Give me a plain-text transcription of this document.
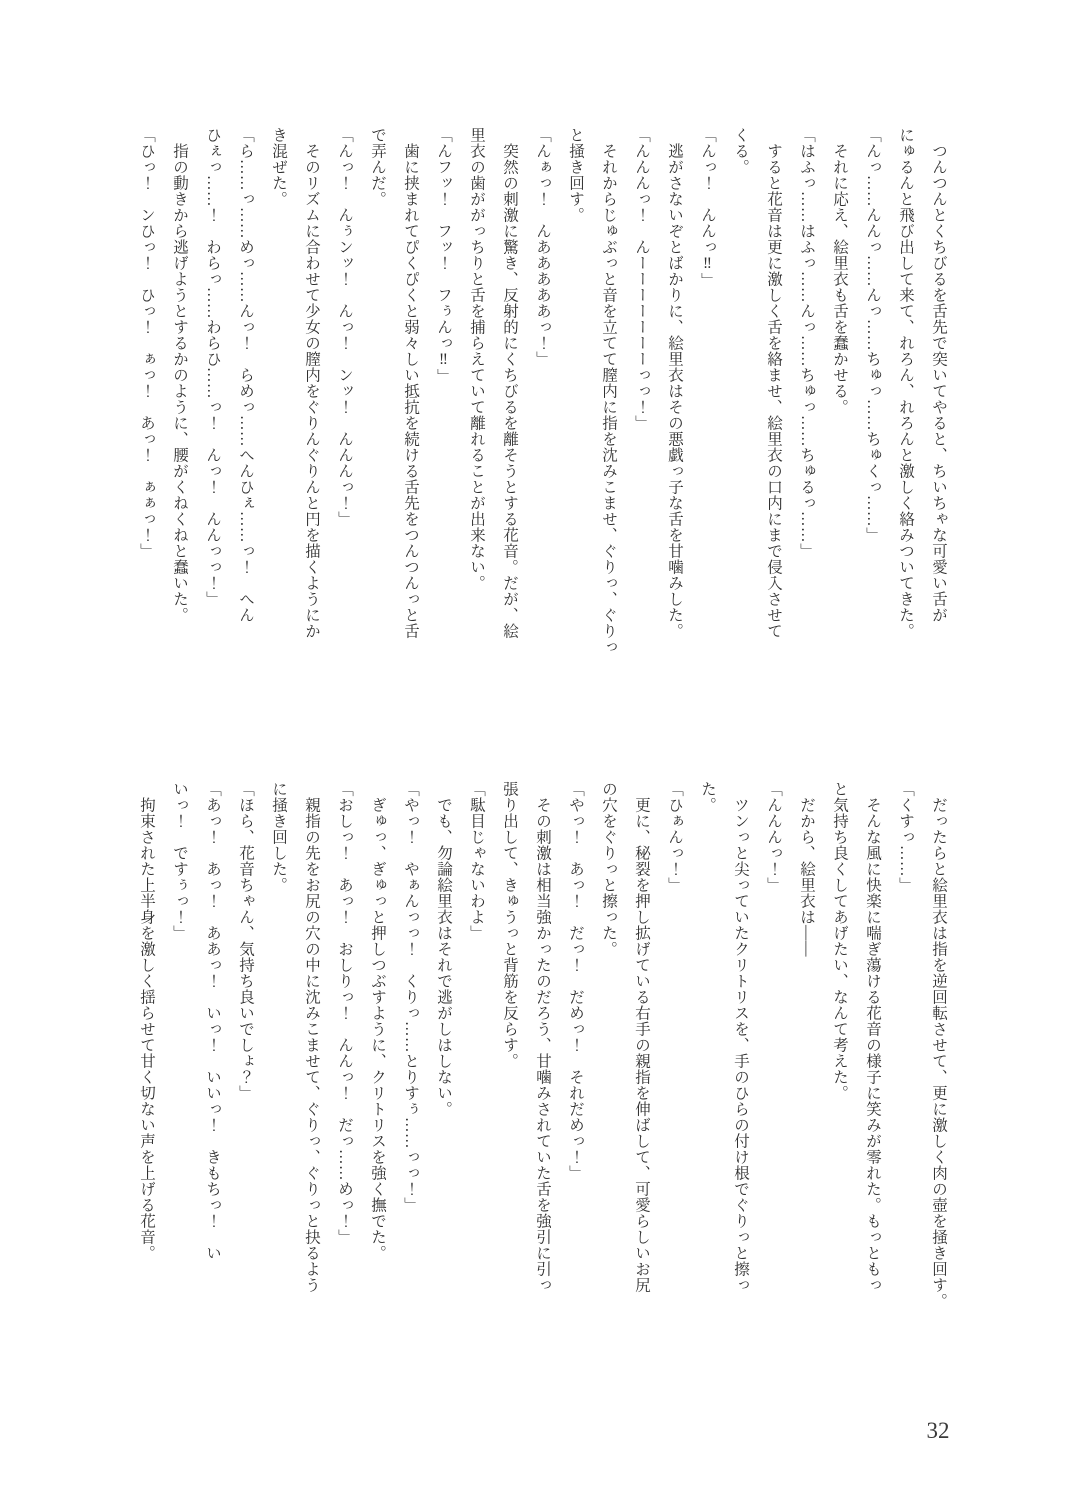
　つんつんとくちびるを舌先で突いてやると、ちいちゃな可愛い舌が
にゅるんと飛び出して来て、れろん、れろんと激しく絡みついてきた。
「んっ……んんっ……んっ……ちゅっ……ちゅくっ……」
　それに応え、絵里衣も舌を蠢かせる。
「はふっ……はふっ……んっ……ちゅっ……ちゅるっ……」
　すると花音は更に激しく舌を絡ませ、絵里衣の口内にまで侵入させて
くる。
「んっ！　んんっ‼」
　逃がさないぞとばかりに、絵里衣はその悪戯っ子な舌を甘噛みした。
「んんんっ！　んーーーーーーーっっ！」
　それからじゅぶっと音を立てて膣内に指を沈みこませ、ぐりっ、ぐりっ
と掻き回す。
「んぁっ！　んあああああっ！」
　突然の刺激に驚き、反射的にくちびるを離そうとする花音。だが、絵
里衣の歯ががっちりと舌を捕らえていて離れることが出来ない。
「んフッ！　フッ！　フぅんっ‼」
　歯に挟まれてぴくぴくと弱々しい抵抗を続ける舌先をつんつんっと舌
で弄んだ。
「んっ！　んぅンッ！　んっ！　ンッ！　んんんっ！」
　そのリズムに合わせて少女の膣内をぐりんぐりんと円を描くようにか
き混ぜた。
「ら……っ……めっ……んっ！　らめっ……へんひぇ……っ！　へん
ひぇっ……！　わらっ……わらひ……っ！　んっ！　んんっっ！」
　指の動きから逃げようとするかのように、腰がくねくねと蠢いた。
「ひっ！　ンひっ！　ひっ！　ぁっ！　あっ！　ぁぁっ！」
　だったらと絵里衣は指を逆回転させて、更に激しく肉の壺を掻き回す。
「くすっ……」
　そんな風に快楽に喘ぎ蕩ける花音の様子に笑みが零れた。もっともっ
と気持ち良くしてあげたい、なんて考えた。
　だから、絵里衣は――
「んんんっ！」
　ツンっと尖っていたクリトリスを、手のひらの付け根でぐりっと擦っ
た。
「ひぁんっ！」
　更に、秘裂を押し拡げている右手の親指を伸ばして、可愛らしいお尻
の穴をぐりっと擦った。
「やっ！　あっ！　だっ！　だめっ！　それだめっ！」
　その刺激は相当強かったのだろう、甘噛みされていた舌を強引に引っ
張り出して、きゅうっと背筋を反らす。
「駄目じゃないわよ」
　でも、勿論絵里衣はそれで逃がしはしない。
「やっ！　やぁんっっ！　くりっ……とりすぅ……っっ！」
　ぎゅっ、ぎゅっと押しつぶすように、クリトリスを強く撫でた。
「おしっ！　あっ！　おしりっ！　んんっ！　だっ……めっ！」
　親指の先をお尻の穴の中に沈みこませて、ぐりっ、ぐりっと抉るよう
に掻き回した。
「ほら、花音ちゃん、気持ち良いでしょ？」
「あっ！　あっ！　ああっ！　いっ！　いいっ！　きもちっ！　い
いっ！　ですぅっ！」
　拘束された上半身を激しく揺らせて甘く切ない声を上げる花音。
32
